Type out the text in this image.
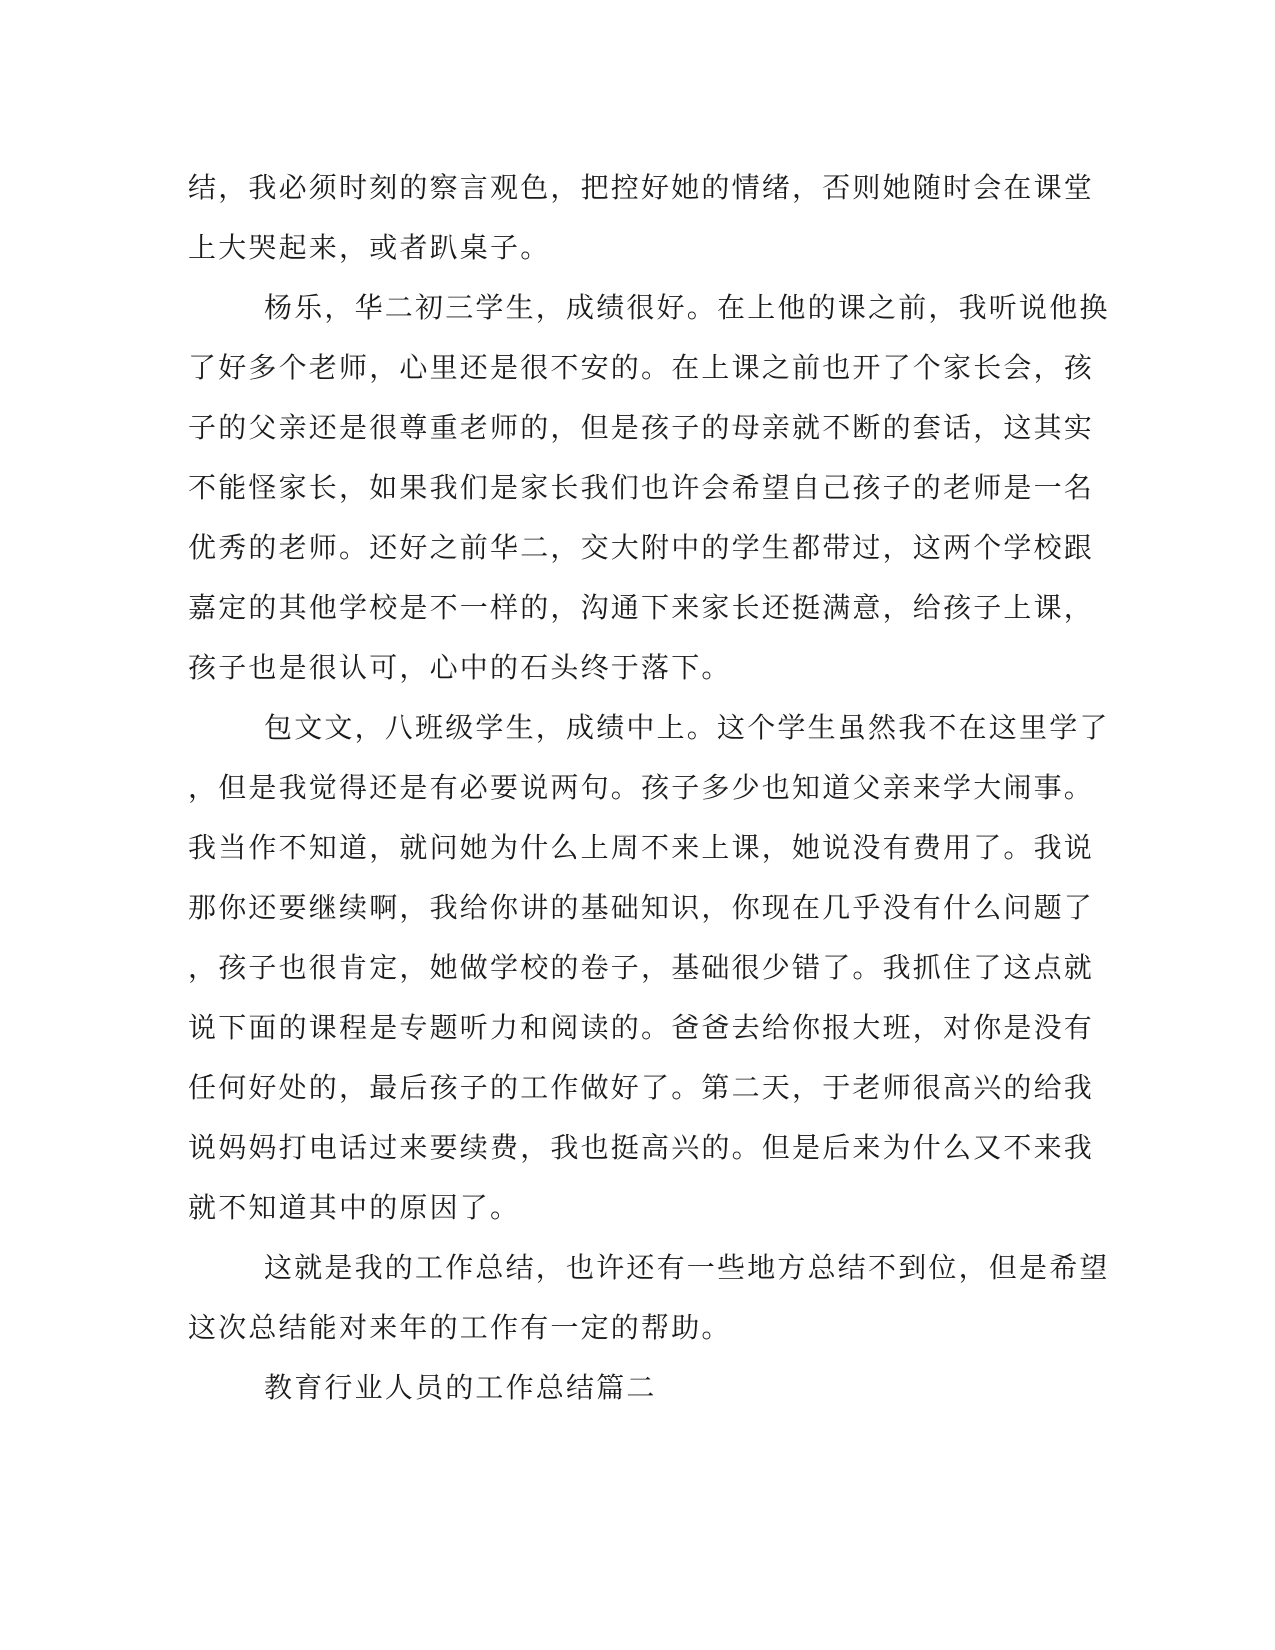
结，我必须时刻的察言观色，把控好她的情绪，否则她随时会在课堂
上大哭起来，或者趴桌子。
杨乐，华二初三学生，成绩很好。在上他的课之前，我听说他换
了好多个老师，心里还是很不安的。在上课之前也开了个家长会，孩
子的父亲还是很尊重老师的，但是孩子的母亲就不断的套话，这其实
不能怪家长，如果我们是家长我们也许会希望自己孩子的老师是一名
优秀的老师。还好之前华二，交大附中的学生都带过，这两个学校跟
嘉定的其他学校是不一样的，沟通下来家长还挺满意，给孩子上课，
孩子也是很认可，心中的石头终于落下。
包文文，八班级学生，成绩中上。这个学生虽然我不在这里学了
，但是我觉得还是有必要说两句。孩子多少也知道父亲来学大闹事。
我当作不知道，就问她为什么上周不来上课，她说没有费用了。我说
那你还要继续啊，我给你讲的基础知识，你现在几乎没有什么问题了
，孩子也很肯定，她做学校的卷子，基础很少错了。我抓住了这点就
说下面的课程是专题听力和阅读的。爸爸去给你报大班，对你是没有
任何好处的，最后孩子的工作做好了。第二天，于老师很高兴的给我
说妈妈打电话过来要续费，我也挺高兴的。但是后来为什么又不来我
就不知道其中的原因了。
这就是我的工作总结，也许还有一些地方总结不到位，但是希望
这次总结能对来年的工作有一定的帮助。
教育行业人员的工作总结篇二
